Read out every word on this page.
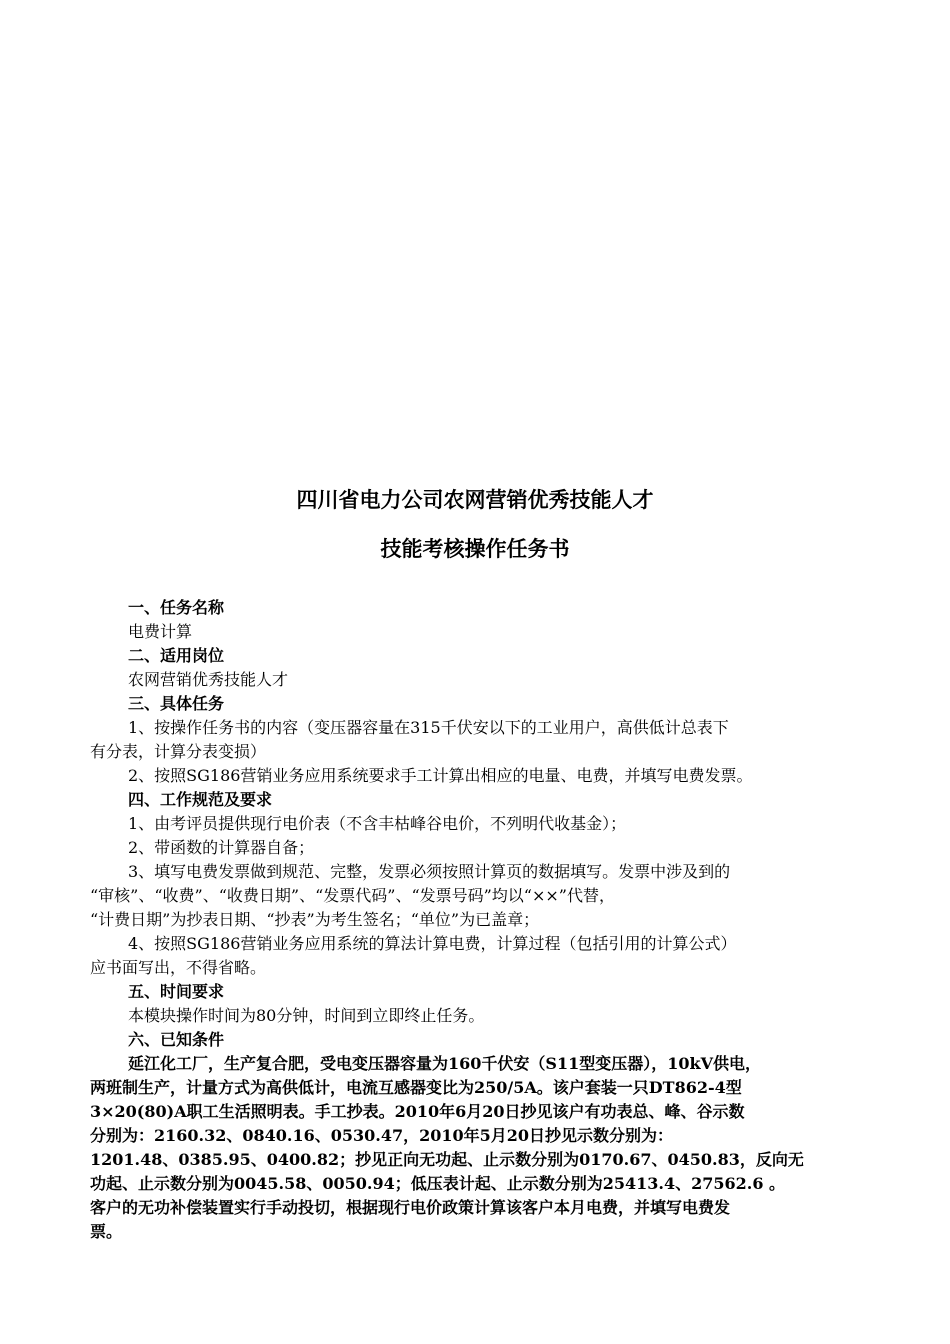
四川省电力公司农网营销优秀技能人才
技能考核操作任务书
一、任务名称
电费计算
二、适用岗位
农网营销优秀技能人才
三、具体任务
1、按操作任务书的内容（变压器容量在315千伏安以下的工业用户，高供低计总表下
有分表，计算分表变损）
2、按照SG186营销业务应用系统要求手工计算出相应的电量、电费，并填写电费发票。
四、工作规范及要求
1、由考评员提供现行电价表（不含丰枯峰谷电价，不列明代收基金）；
2、带函数的计算器自备；
3、填写电费发票做到规范、完整，发票必须按照计算页的数据填写。发票中涉及到的
“审核”、“收费”、“收费日期”、“发票代码”、“发票号码”均以“××”代替，
“计费日期”为抄表日期、“抄表”为考生签名；“单位”为已盖章；
4、按照SG186营销业务应用系统的算法计算电费，计算过程（包括引用的计算公式）
应书面写出，不得省略。
五、时间要求
本模块操作时间为80分钟，时间到立即终止任务。
六、已知条件
延江化工厂，生产复合肥，受电变压器容量为160千伏安（S11型变压器），10kV供电，
两班制生产，计量方式为高供低计，电流互感器变比为250/5A。该户套装一只DT862-4型
3×20(80)A职工生活照明表。手工抄表。2010年6月20日抄见该户有功表总、峰、谷示数
分别为：2160.32、0840.16、0530.47，2010年5月20日抄见示数分别为：
1201.48、0385.95、0400.82；抄见正向无功起、止示数分别为0170.67、0450.83，反向无
功起、止示数分别为0045.58、0050.94；低压表计起、止示数分别为25413.4、27562.6 。
客户的无功补偿装置实行手动投切，根据现行电价政策计算该客户本月电费，并填写电费发
票。
